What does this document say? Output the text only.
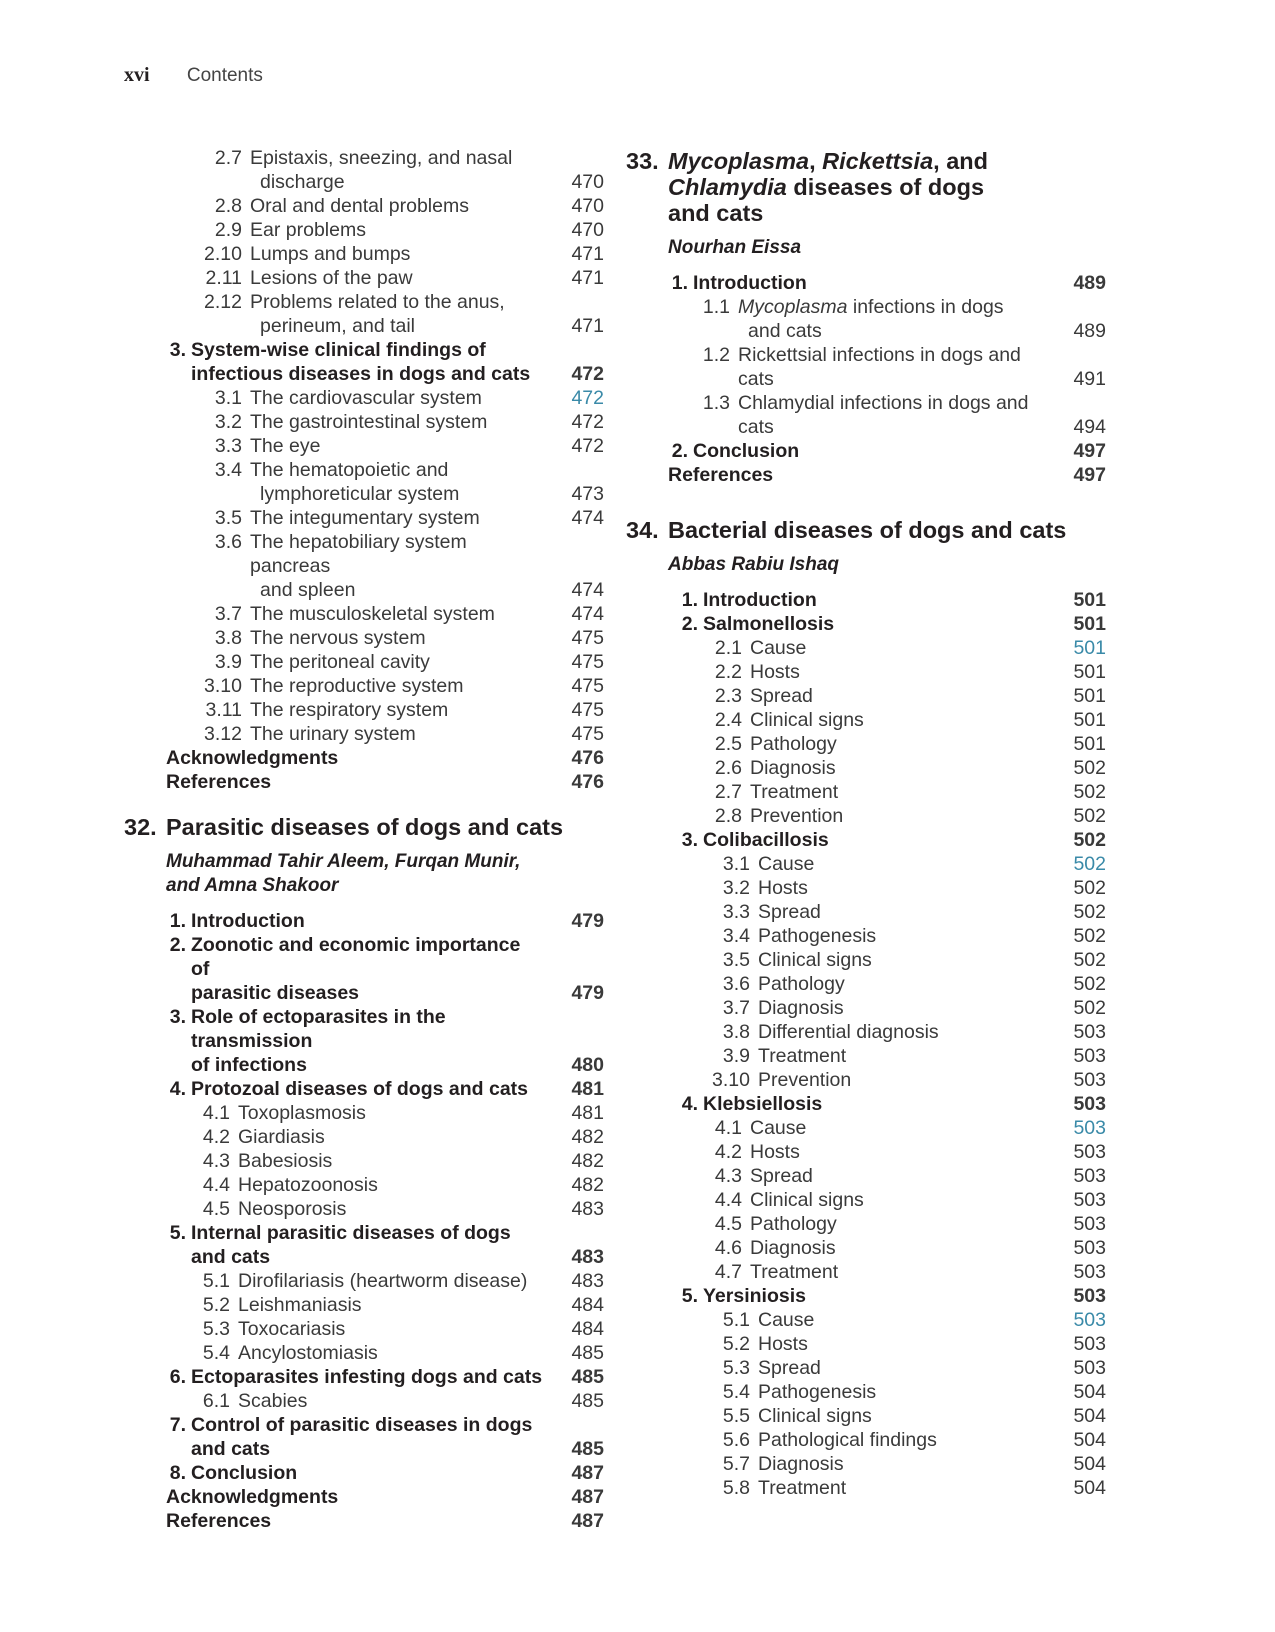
xvi Contents
2.7 Epistaxis, sneezing, and nasal
discharge	470
2.8 Oral and dental problems	470
2.9 Ear problems	470
2.10 Lumps and bumps	471
2.11 Lesions of the paw	471
2.12 Problems related to the anus,
perineum, and tail	471
3. System-wise clinical findings of
infectious diseases in dogs and cats	472
3.1 The cardiovascular system	472
3.2 The gastrointestinal system	472
3.3 The eye	472
3.4 The hematopoietic and
lymphoreticular system	473
3.5 The integumentary system	474
3.6 The hepatobiliary system pancreas
and spleen	474
3.7 The musculoskeletal system	474
3.8 The nervous system	475
3.9 The peritoneal cavity	475
3.10 The reproductive system	475
3.11 The respiratory system	475
3.12 The urinary system	475
Acknowledgments	476
References	476
32. Parasitic diseases of dogs and cats
Muhammad Tahir Aleem, Furqan Munir,
and Amna Shakoor
1. Introduction	479
2. Zoonotic and economic importance of
parasitic diseases	479
3. Role of ectoparasites in the transmission
of infections	480
4. Protozoal diseases of dogs and cats	481
4.1 Toxoplasmosis	481
4.2 Giardiasis	482
4.3 Babesiosis	482
4.4 Hepatozoonosis	482
4.5 Neosporosis	483
5. Internal parasitic diseases of dogs
and cats	483
5.1 Dirofilariasis (heartworm disease)	483
5.2 Leishmaniasis	484
5.3 Toxocariasis	484
5.4 Ancylostomiasis	485
6. Ectoparasites infesting dogs and cats	485
6.1 Scabies	485
7. Control of parasitic diseases in dogs
and cats	485
8. Conclusion	487
Acknowledgments	487
References	487
33. Mycoplasma, Rickettsia, and
Chlamydia diseases of dogs
and cats
Nourhan Eissa
1. Introduction	489
1.1 Mycoplasma infections in dogs
and cats	489
1.2 Rickettsial infections in dogs and cats	491
1.3 Chlamydial infections in dogs and cats	494
2. Conclusion	497
References	497
34. Bacterial diseases of dogs and cats
Abbas Rabiu Ishaq
1. Introduction	501
2. Salmonellosis	501
2.1 Cause	501
2.2 Hosts	501
2.3 Spread	501
2.4 Clinical signs	501
2.5 Pathology	501
2.6 Diagnosis	502
2.7 Treatment	502
2.8 Prevention	502
3. Colibacillosis	502
3.1 Cause	502
3.2 Hosts	502
3.3 Spread	502
3.4 Pathogenesis	502
3.5 Clinical signs	502
3.6 Pathology	502
3.7 Diagnosis	502
3.8 Differential diagnosis	503
3.9 Treatment	503
3.10 Prevention	503
4. Klebsiellosis	503
4.1 Cause	503
4.2 Hosts	503
4.3 Spread	503
4.4 Clinical signs	503
4.5 Pathology	503
4.6 Diagnosis	503
4.7 Treatment	503
5. Yersiniosis	503
5.1 Cause	503
5.2 Hosts	503
5.3 Spread	503
5.4 Pathogenesis	504
5.5 Clinical signs	504
5.6 Pathological findings	504
5.7 Diagnosis	504
5.8 Treatment	504
